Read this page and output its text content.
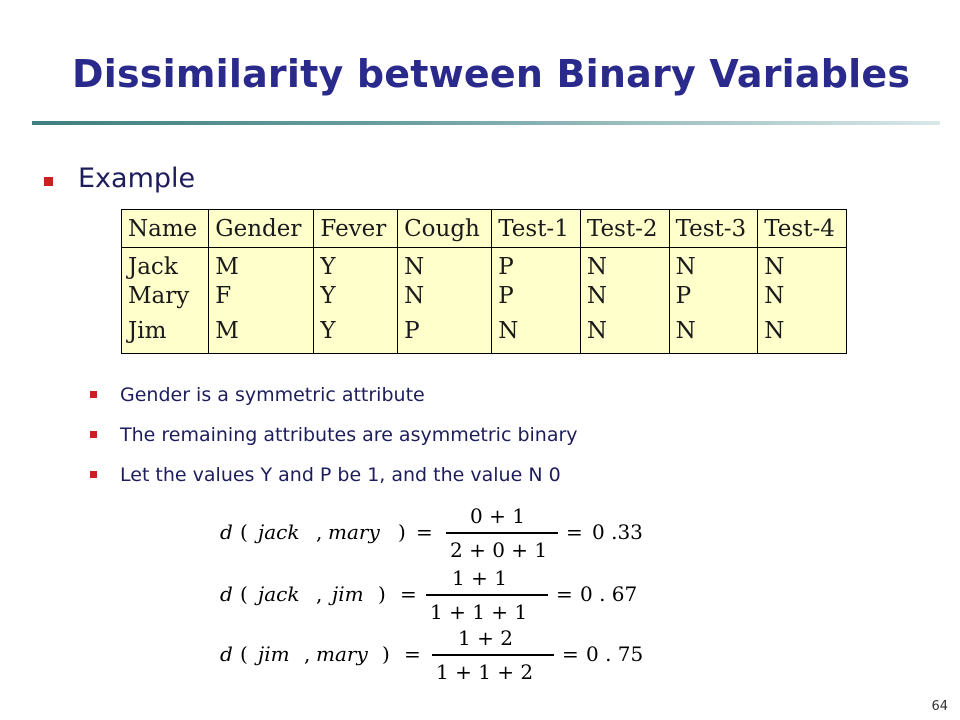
Dissimilarity between Binary Variables
Example
Name	Gender	Fever	Cough	Test-1	Test-2	Test-3	Test-4
Jack	M	Y	N	P	N	N	N
Mary	F	Y	N	P	N	P	N
Jim	M	Y	P	N	N	N	N
Gender is a symmetric attribute
The remaining attributes are asymmetric binary
Let the values Y and P be 1, and the value N 0
d ( jack , mary ) =
0 + 1
2 + 0 + 1
= 0 .33
d ( jack , jim ) =
1 + 1
1 + 1 + 1
= 0 . 67
d ( jim , mary ) =
1 + 2
1 + 1 + 2
= 0 . 75
64
